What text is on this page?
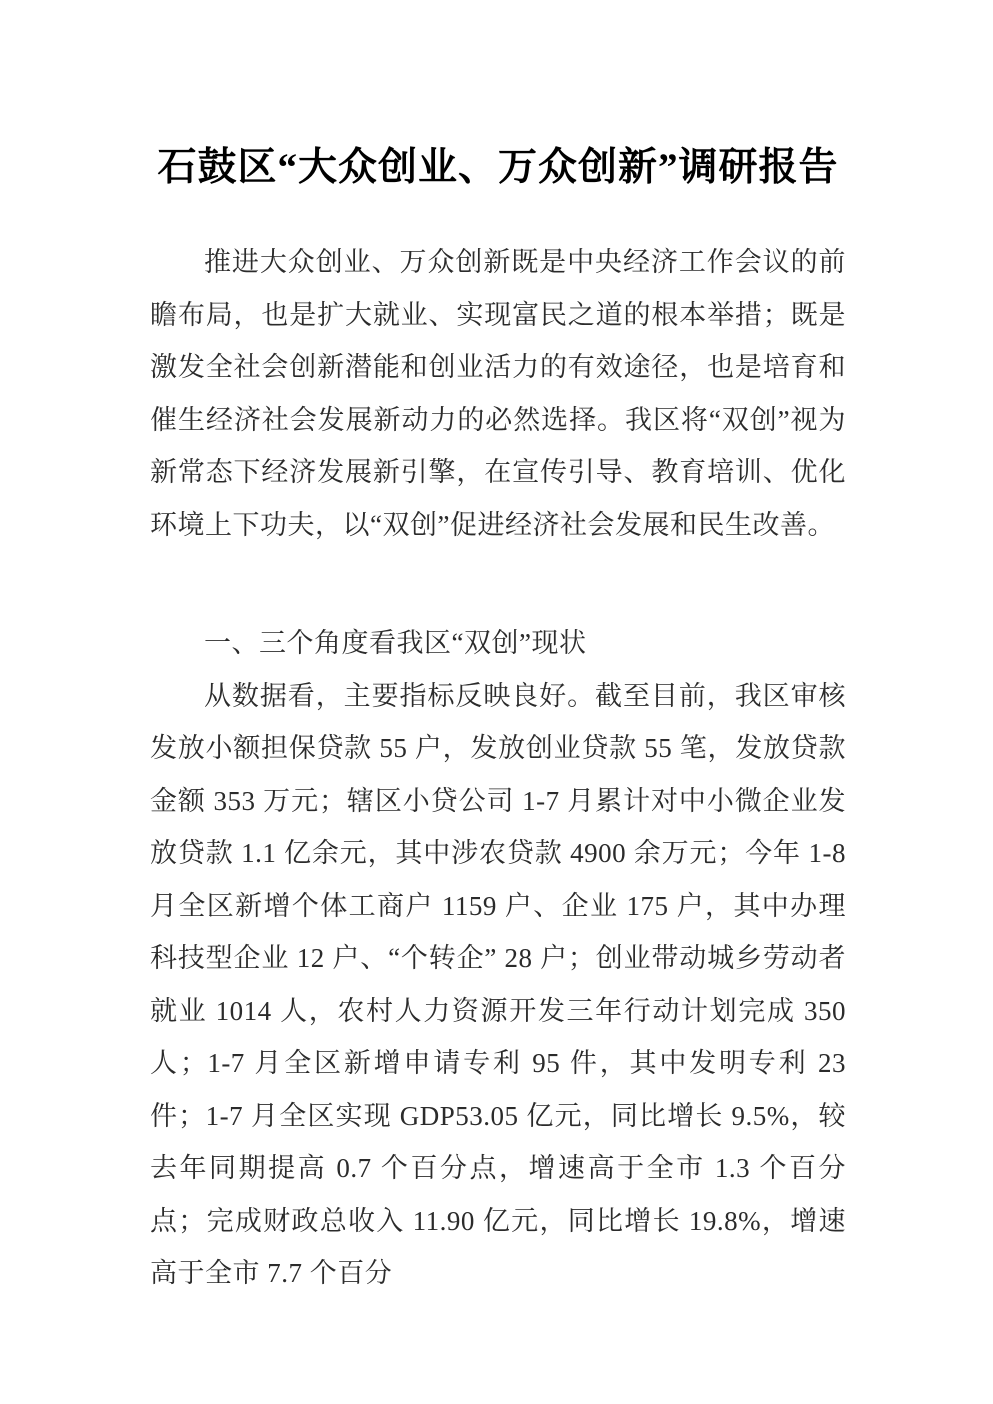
石鼓区“大众创业、万众创新”调研报告

推进大众创业、万众创新既是中央经济工作会议的前瞻布局，也是扩大就业、实现富民之道的根本举措；既是激发全社会创新潜能和创业活力的有效途径，也是培育和催生经济社会发展新动力的必然选择。我区将“双创”视为新常态下经济发展新引擎，在宣传引导、教育培训、优化环境上下功夫，以“双创”促进经济社会发展和民生改善。

一、三个角度看我区“双创”现状

从数据看，主要指标反映良好。截至目前，我区审核发放小额担保贷款 55 户，发放创业贷款 55 笔，发放贷款金额 353 万元；辖区小贷公司 1-7 月累计对中小微企业发放贷款 1.1 亿余元，其中涉农贷款 4900 余万元；今年 1-8 月全区新增个体工商户 1159 户、企业 175 户，其中办理科技型企业 12 户、“个转企” 28 户；创业带动城乡劳动者就业 1014 人，农村人力资源开发三年行动计划完成 350 人；1-7 月全区新增申请专利 95 件，其中发明专利 23 件；1-7 月全区实现 GDP53.05 亿元，同比增长 9.5%，较去年同期提高 0.7 个百分点，增速高于全市 1.3 个百分点；完成财政总收入 11.90 亿元，同比增长 19.8%，增速高于全市 7.7 个百分
